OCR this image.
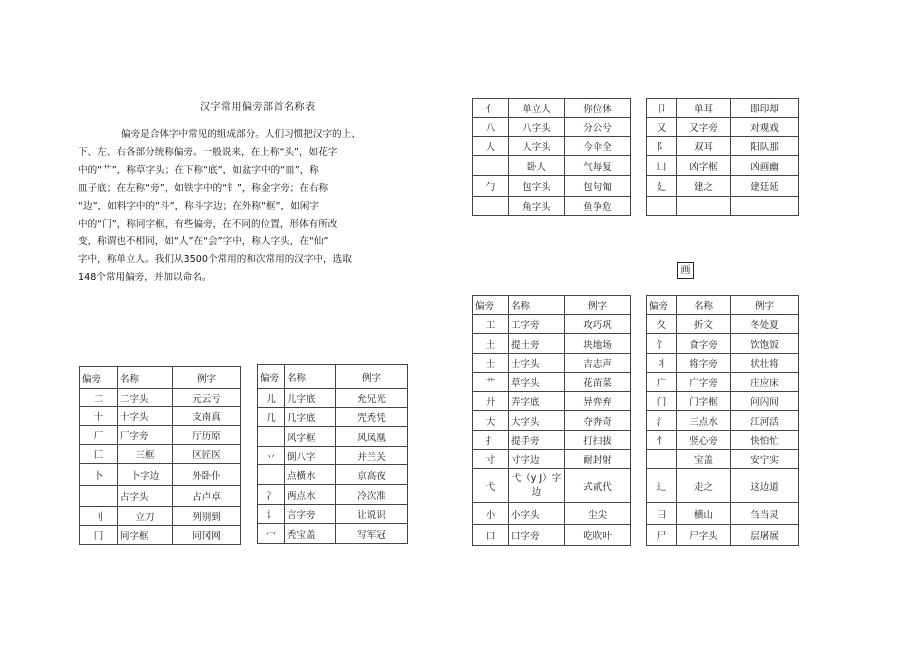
汉字常用偏旁部首名称表
偏旁是合体字中常见的组成部分。人们习惯把汉字的上、
下、左、右各部分统称偏旁。一般说来，在上称“头”，如花字
中的“艹”，称草字头；在下称“底”，如盆字中的“皿”，称
皿子底；在左称“旁”，如铁字中的“钅”，称金字旁；在右称
“边”，如料字中的“斗”，称斗字边；在外称“框”，如闲字
中的“门”，称同字框，有些偏旁，在不同的位置，形体有所改
变，称谓也不相同，如“人”在“会”字中，称人字头，在“仙”
字中，称单立人。我们从3500个常用的和次常用的汉字中，选取
148个常用偏旁，并加以命名。
画
偏旁	名称	例字
二	二字头	元云亏
十	十字头	支南真
厂	厂字旁	厅历原
匚	三框	区匠医
卜	卜字边	外卧仆
	占字头	占卢卓
刂	立刀	列别到
冂	同字框	同冈网
偏旁	名称	例字
儿	儿字底	允兄光
几	几字底	咒秃凭
	风字框	风凤凰
丷	倒八字	并兰关
	点横水	京高夜
冫	两点水	冷次准
讠	言字旁	让说识
冖	秃宝盖	写军冠
亻	单立人	你位休
八	八字头	分公兮
人	人字头	今伞全
	卧人	气每复
勹	包字头	包句匍
	角字头	鱼争危
卩	单耳	即印却
又	又字旁	对观戏
阝	双耳	阳队那
凵	凶字框	凶画幽
廴	建之	建廷延

偏旁	名称	例字
工	工字旁	攻巧巩
土	提土旁	块地场
士	士字头	吉志声
艹	草字头	花苗菜
廾	弄字底	异弈弃
大	大字头	夺奔奇
扌	提手旁	打扫拔
寸	寸字边	耐封射
弋	弋（y J）字边	式贰代
小	小字头	尘尖
口	口字旁	吃吹叶
偏旁	名称	例字
夂	折文	冬处夏
饣	食字旁	饮饱饭
丬	将字旁	状壮将
广	广字旁	庄应床
门	门字框	问闪间
氵	三点水	江河活
忄	竖心旁	快怕忙
	宝盖	安宁实
辶	走之	这边道
彐	横山	刍当灵
尸	尸字头	层屠展
